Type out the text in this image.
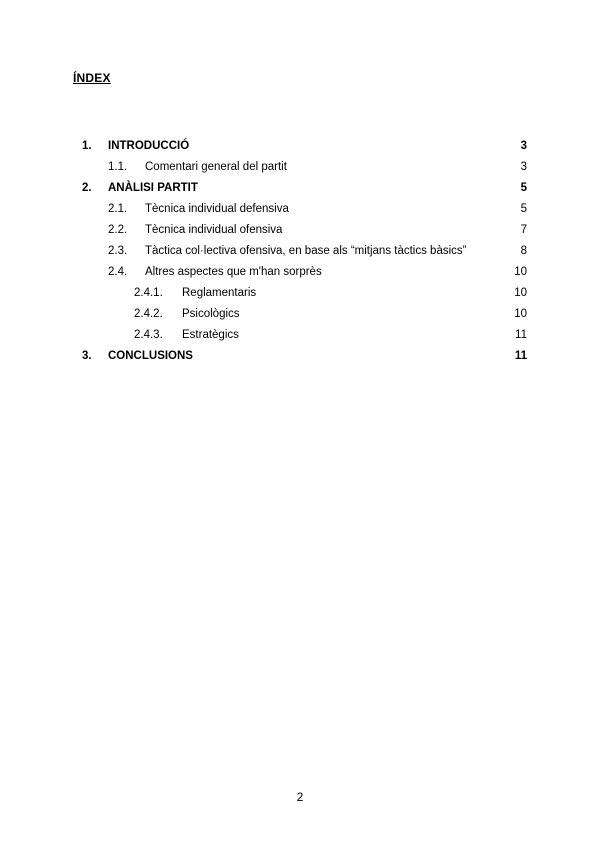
ÍNDEX
1. INTRODUCCIÓ	3
1.1. Comentari general del partit	3
2. ANÀLISI PARTIT	5
2.1. Tècnica individual defensiva	5
2.2. Tècnica individual ofensiva	7
2.3. Tàctica col·lectiva ofensiva, en base als “mitjans tàctics bàsics”	8
2.4. Altres aspectes que m'han sorprès	10
2.4.1. Reglamentaris	10
2.4.2. Psicològics	10
2.4.3. Estratègics	11
3. CONCLUSIONS	11
2
